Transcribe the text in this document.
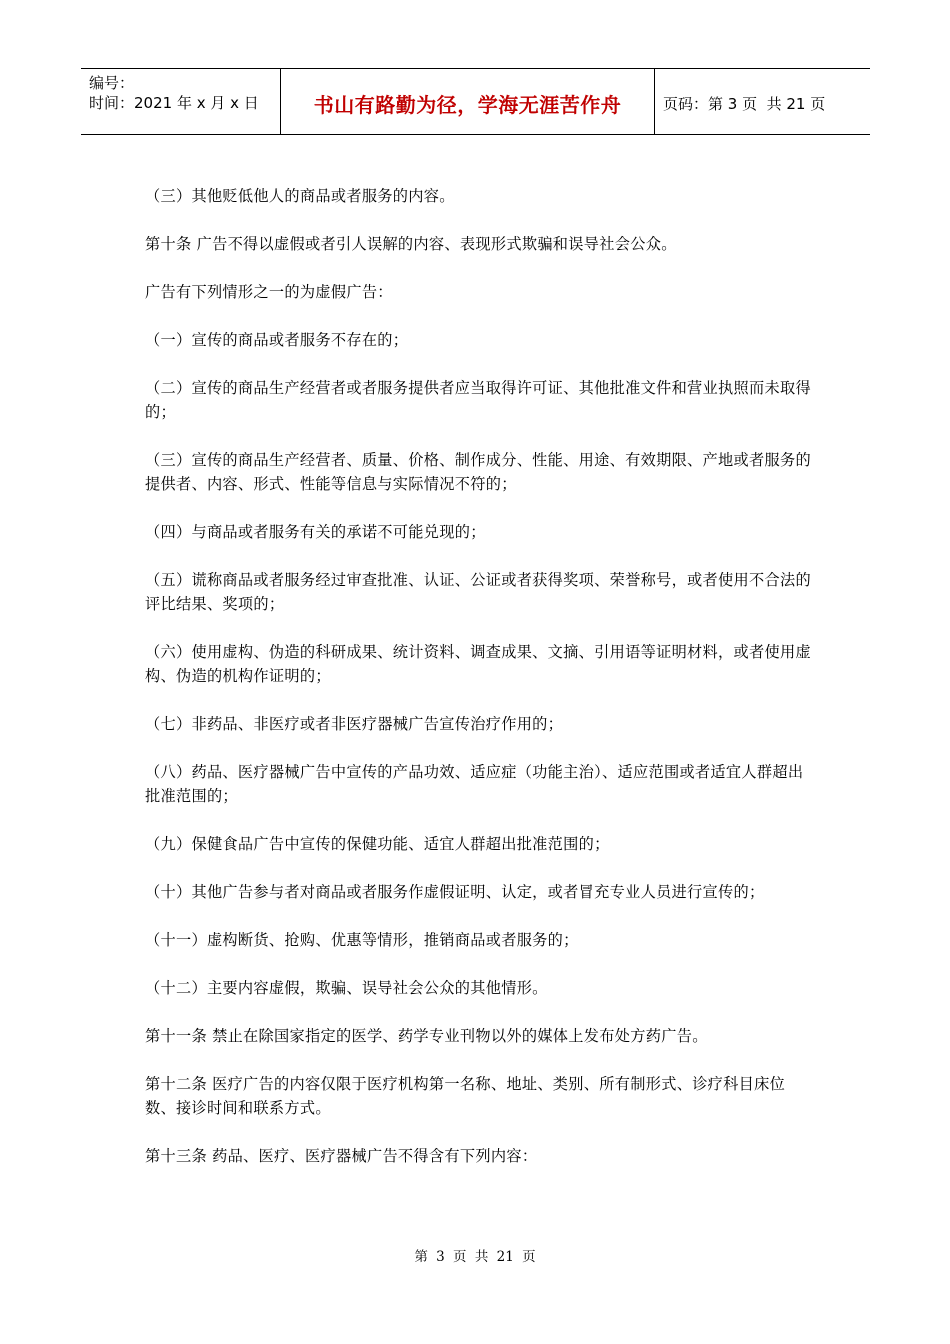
编号：
时间：2021 年 x 月 x 日	书山有路勤为径，学海无涯苦作舟	页码：第 3 页  共 21 页

（三）其他贬低他人的商品或者服务的内容。

第十条 广告不得以虚假或者引人误解的内容、表现形式欺骗和误导社会公众。

广告有下列情形之一的为虚假广告：

（一）宣传的商品或者服务不存在的；

（二）宣传的商品生产经营者或者服务提供者应当取得许可证、其他批准文件和营业执照而未取得的；

（三）宣传的商品生产经营者、质量、价格、制作成分、性能、用途、有效期限、产地或者服务的提供者、内容、形式、性能等信息与实际情况不符的；

（四）与商品或者服务有关的承诺不可能兑现的；

（五）谎称商品或者服务经过审查批准、认证、公证或者获得奖项、荣誉称号，或者使用不合法的评比结果、奖项的；

（六）使用虚构、伪造的科研成果、统计资料、调查成果、文摘、引用语等证明材料，或者使用虚构、伪造的机构作证明的；

（七）非药品、非医疗或者非医疗器械广告宣传治疗作用的；

（八）药品、医疗器械广告中宣传的产品功效、适应症（功能主治）、适应范围或者适宜人群超出批准范围的；

（九）保健食品广告中宣传的保健功能、适宜人群超出批准范围的；

（十）其他广告参与者对商品或者服务作虚假证明、认定，或者冒充专业人员进行宣传的；

（十一）虚构断货、抢购、优惠等情形，推销商品或者服务的；

（十二）主要内容虚假，欺骗、误导社会公众的其他情形。

第十一条 禁止在除国家指定的医学、药学专业刊物以外的媒体上发布处方药广告。

第十二条 医疗广告的内容仅限于医疗机构第一名称、地址、类别、所有制形式、诊疗科目床位数、接诊时间和联系方式。

第十三条 药品、医疗、医疗器械广告不得含有下列内容：

第 3 页 共 21 页
